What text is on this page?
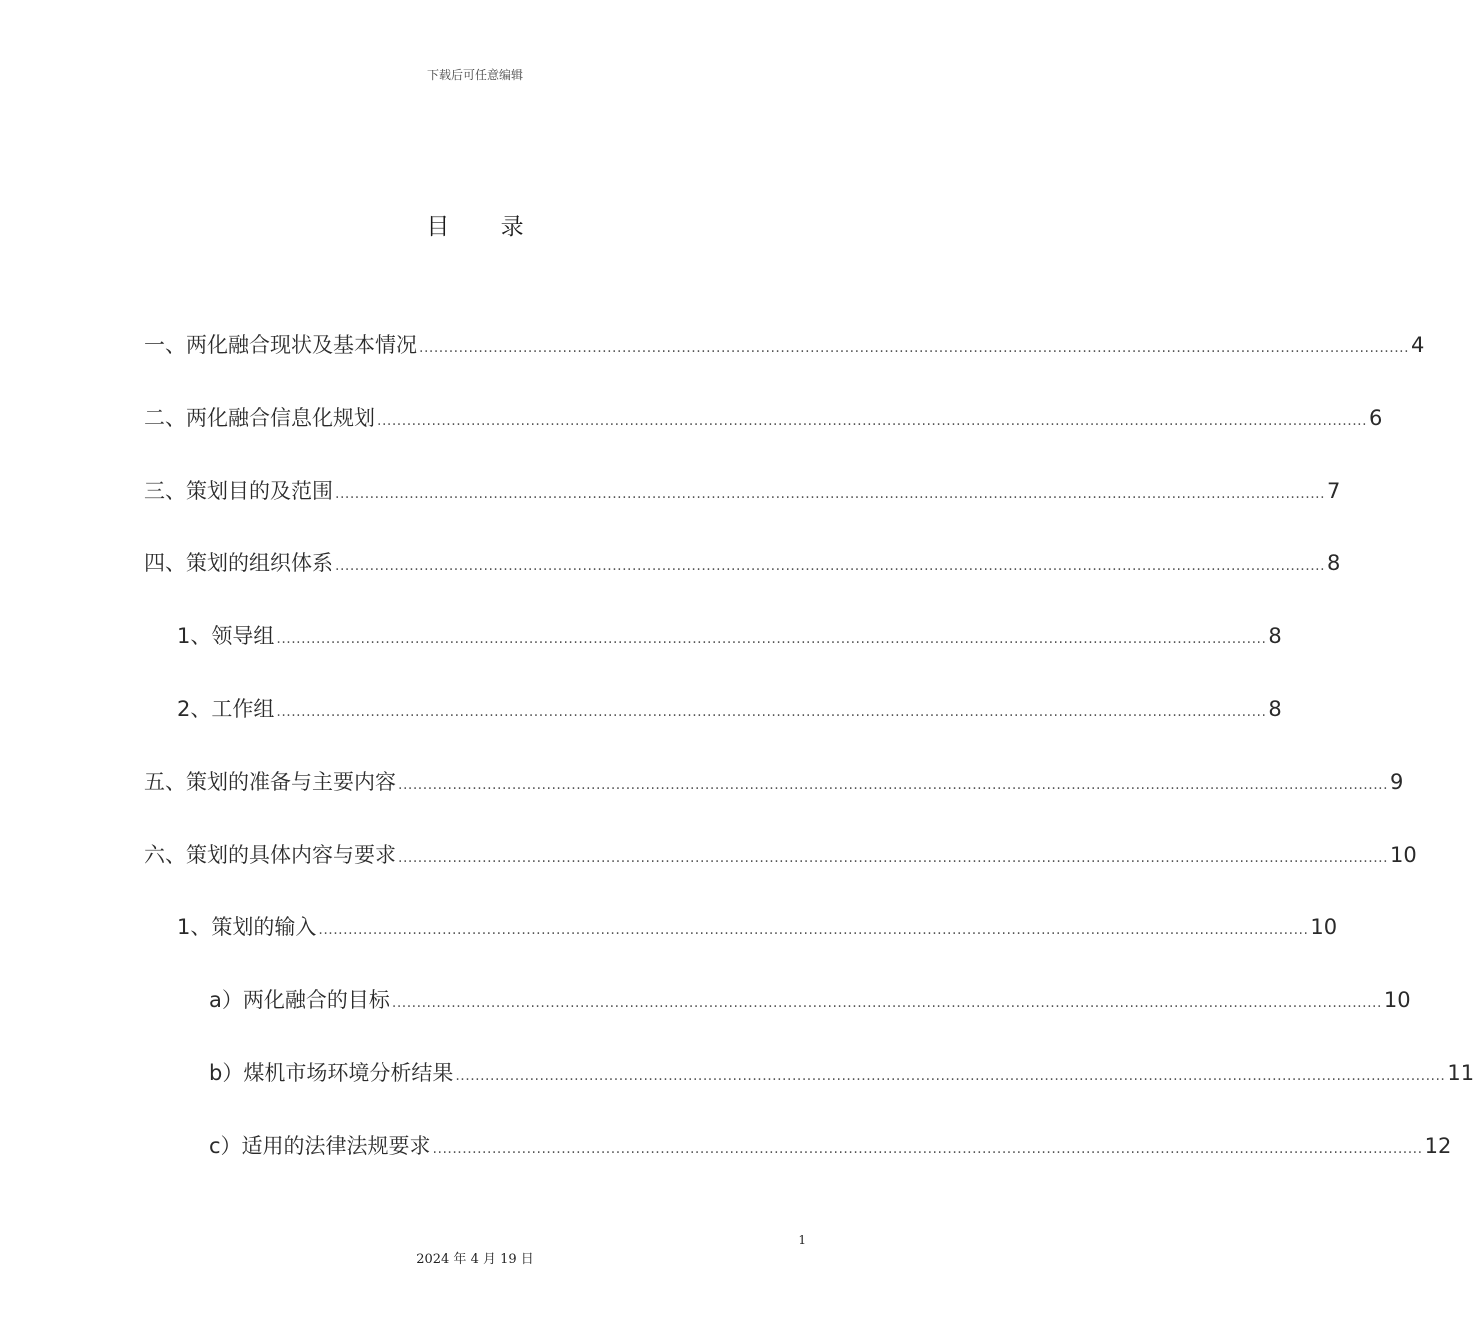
下载后可任意编辑
目 录
一、两化融合现状及基本情况 ........................................................................................................................................................................................................ 4
二、两化融合信息化规划 ........................................................................................................................................................................................................ 6
三、策划目的及范围 ........................................................................................................................................................................................................ 7
四、策划的组织体系 ........................................................................................................................................................................................................ 8
1、领导组 ........................................................................................................................................................................................................ 8
2、工作组 ........................................................................................................................................................................................................ 8
五、策划的准备与主要内容 ........................................................................................................................................................................................................ 9
六、策划的具体内容与要求 ........................................................................................................................................................................................................ 10
1、策划的输入 ........................................................................................................................................................................................................ 10
a）两化融合的目标 ........................................................................................................................................................................................................ 10
b）煤机市场环境分析结果 ........................................................................................................................................................................................................ 11
c）适用的法律法规要求 ........................................................................................................................................................................................................ 12
1
2024 年 4 月 19 日
